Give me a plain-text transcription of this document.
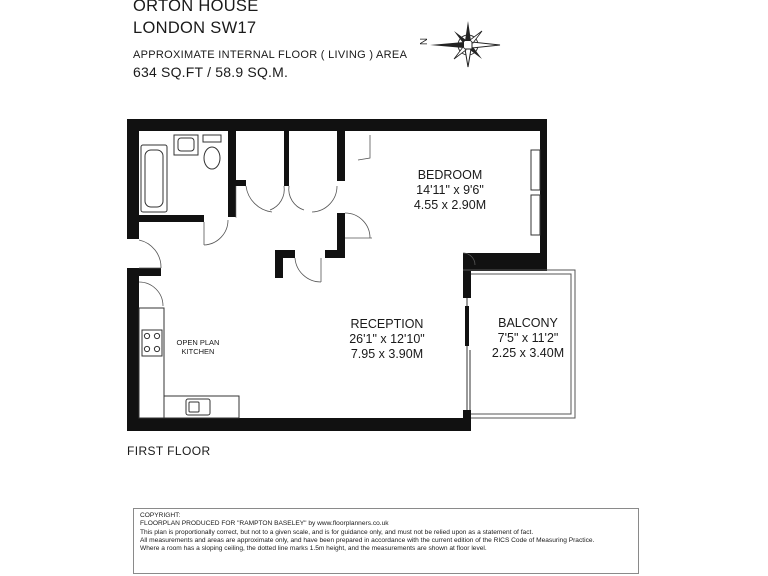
ORTON HOUSE
LONDON SW17
APPROXIMATE INTERNAL FLOOR ( LIVING ) AREA
634 SQ.FT / 58.9 SQ.M.
N
BEDROOM
14'11" x 9'6"
4.55 x 2.90M
RECEPTION
26'1" x 12'10"
7.95 x 3.90M
BALCONY
7'5" x 11'2"
2.25 x 3.40M
OPEN PLAN
KITCHEN
FIRST FLOOR
COPYRIGHT:
FLOORPLAN PRODUCED FOR "RAMPTON BASELEY" by www.floorplanners.co.uk
This plan is proportionally correct, but not to a given scale, and is for guidance only, and must not be relied upon as a statement of fact.
All measurements and areas are approximate only, and have been prepared in accordance with the current edition of the RICS Code of Measuring Practice.
Where a room has a sloping ceiling, the dotted line marks 1.5m height, and the measurements are shown at floor level.
